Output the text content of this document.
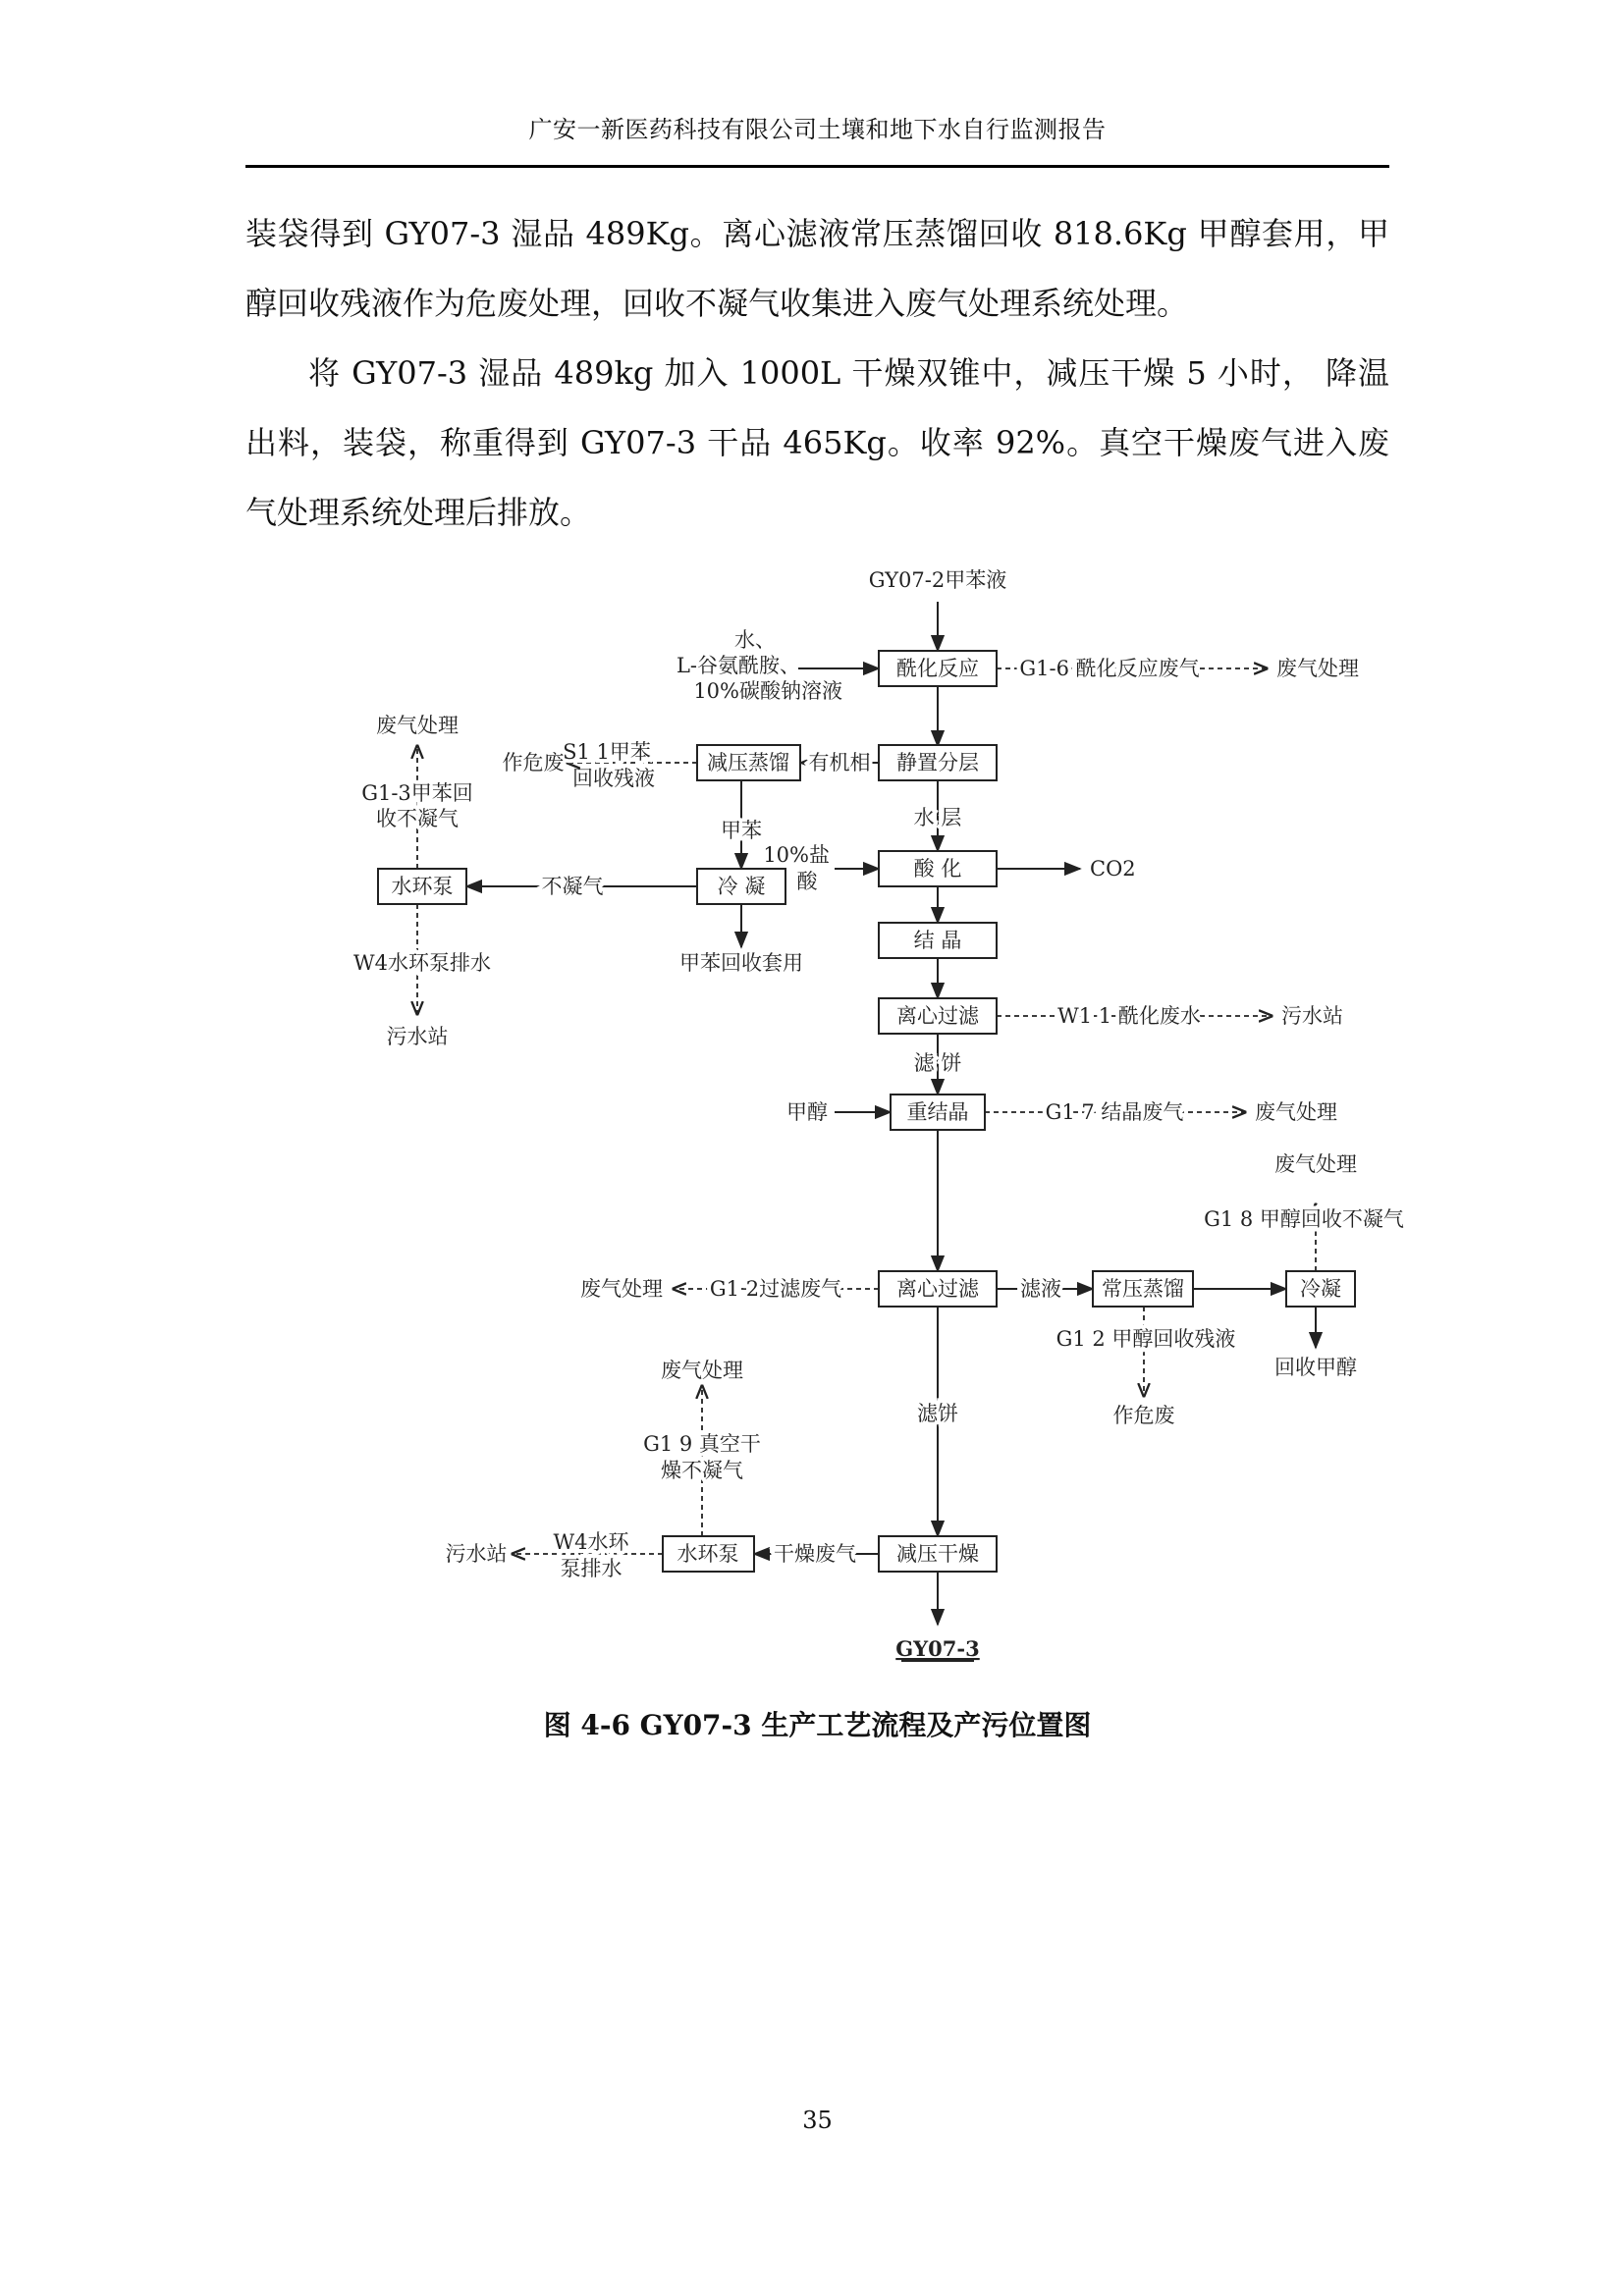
广安一新医药科技有限公司土壤和地下水自行监测报告

装袋得到 GY07-3 湿品 489Kg。离心滤液常压蒸馏回收 818.6Kg 甲醇套用，甲醇回收残液作为危废处理，回收不凝气收集进入废气处理系统处理。

将 GY07-3 湿品 489kg 加入 1000L 干燥双锥中，减压干燥 5 小时， 降温出料，装袋，称重得到 GY07-3 干品 465Kg。收率 92%。真空干燥废气进入废气处理系统处理后排放。

GY07-2甲苯液
水、
L-谷氨酰胺、
10%碳酸钠溶液
酰化反应 G1-6 酰化反应废气	废气处理
静置分层
有机相
减压蒸馏
S1 1甲苯
回收残液
作危废
废气处理
G1-3甲苯回
收不凝气	甲苯
冷 凝
不凝气
水环泵
W4水环泵排水
污水站
甲苯回收套用
水 层
10%盐
酸
酸 化	CO2
结 晶
离心过滤	W1 1 酰化废水	污水站
滤 饼
甲醇	重结晶	G1 7 结晶废气	废气处理
废气处理
G1 8 甲醇回收不凝气
离心过滤
G1 2过滤废气
废气处理	滤液 常压蒸馏	冷凝
G1 2 甲醇回收残液
作危废
回收甲醇
废气处理
G1 9 真空干
燥不凝气
滤饼
减压干燥
干燥废气
水环泵
W4水环
泵排水
污水站
GY07-3
图 4-6 GY07-3 生产工艺流程及产污位置图
35
